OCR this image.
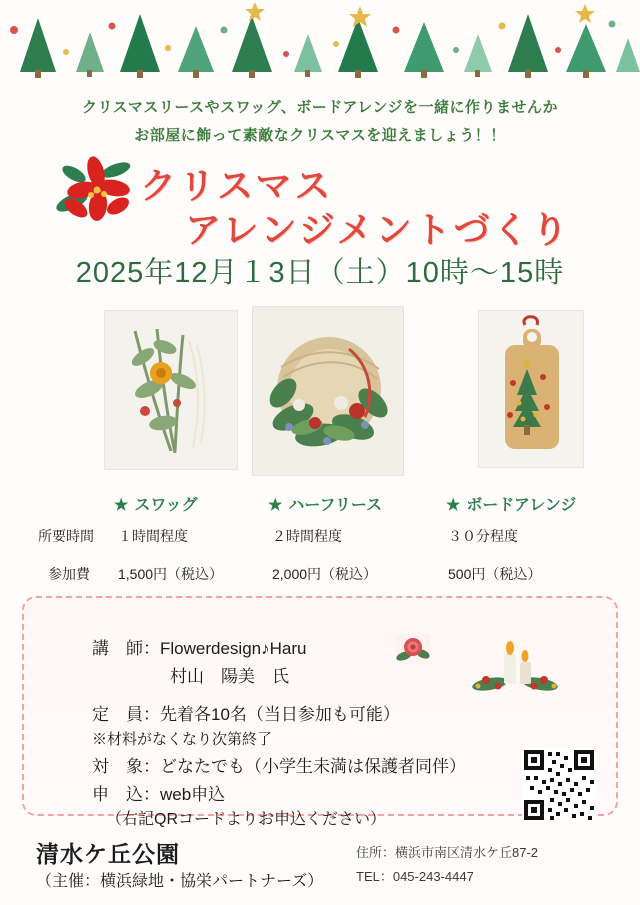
クリスマスリースやスワッグ、ボードアレンジを一緒に作りませんか
お部屋に飾って素敵なクリスマスを迎えましょう！！
クリスマス
アレンジメントづくり
2025年12月１3日（土）10時〜15時
★ スワッグ	★ ハーフリース	★ ボードアレンジ
所要時間 １時間程度	２時間程度	３０分程度
参加費 1,500円（税込）	2,000円（税込）	500円（税込）
講　師：Flowerdesign♪Haru
村山　陽美　氏
定　員：先着各10名（当日参加も可能）
※材料がなくなり次第終了
対　象：どなたでも（小学生未満は保護者同伴）
申　込：web申込
（右記QRコードよりお申込ください）
清水ケ丘公園
（主催：横浜緑地・協栄パートナーズ）
住所：横浜市南区清水ケ丘87-2
TEL：045-243-4447
